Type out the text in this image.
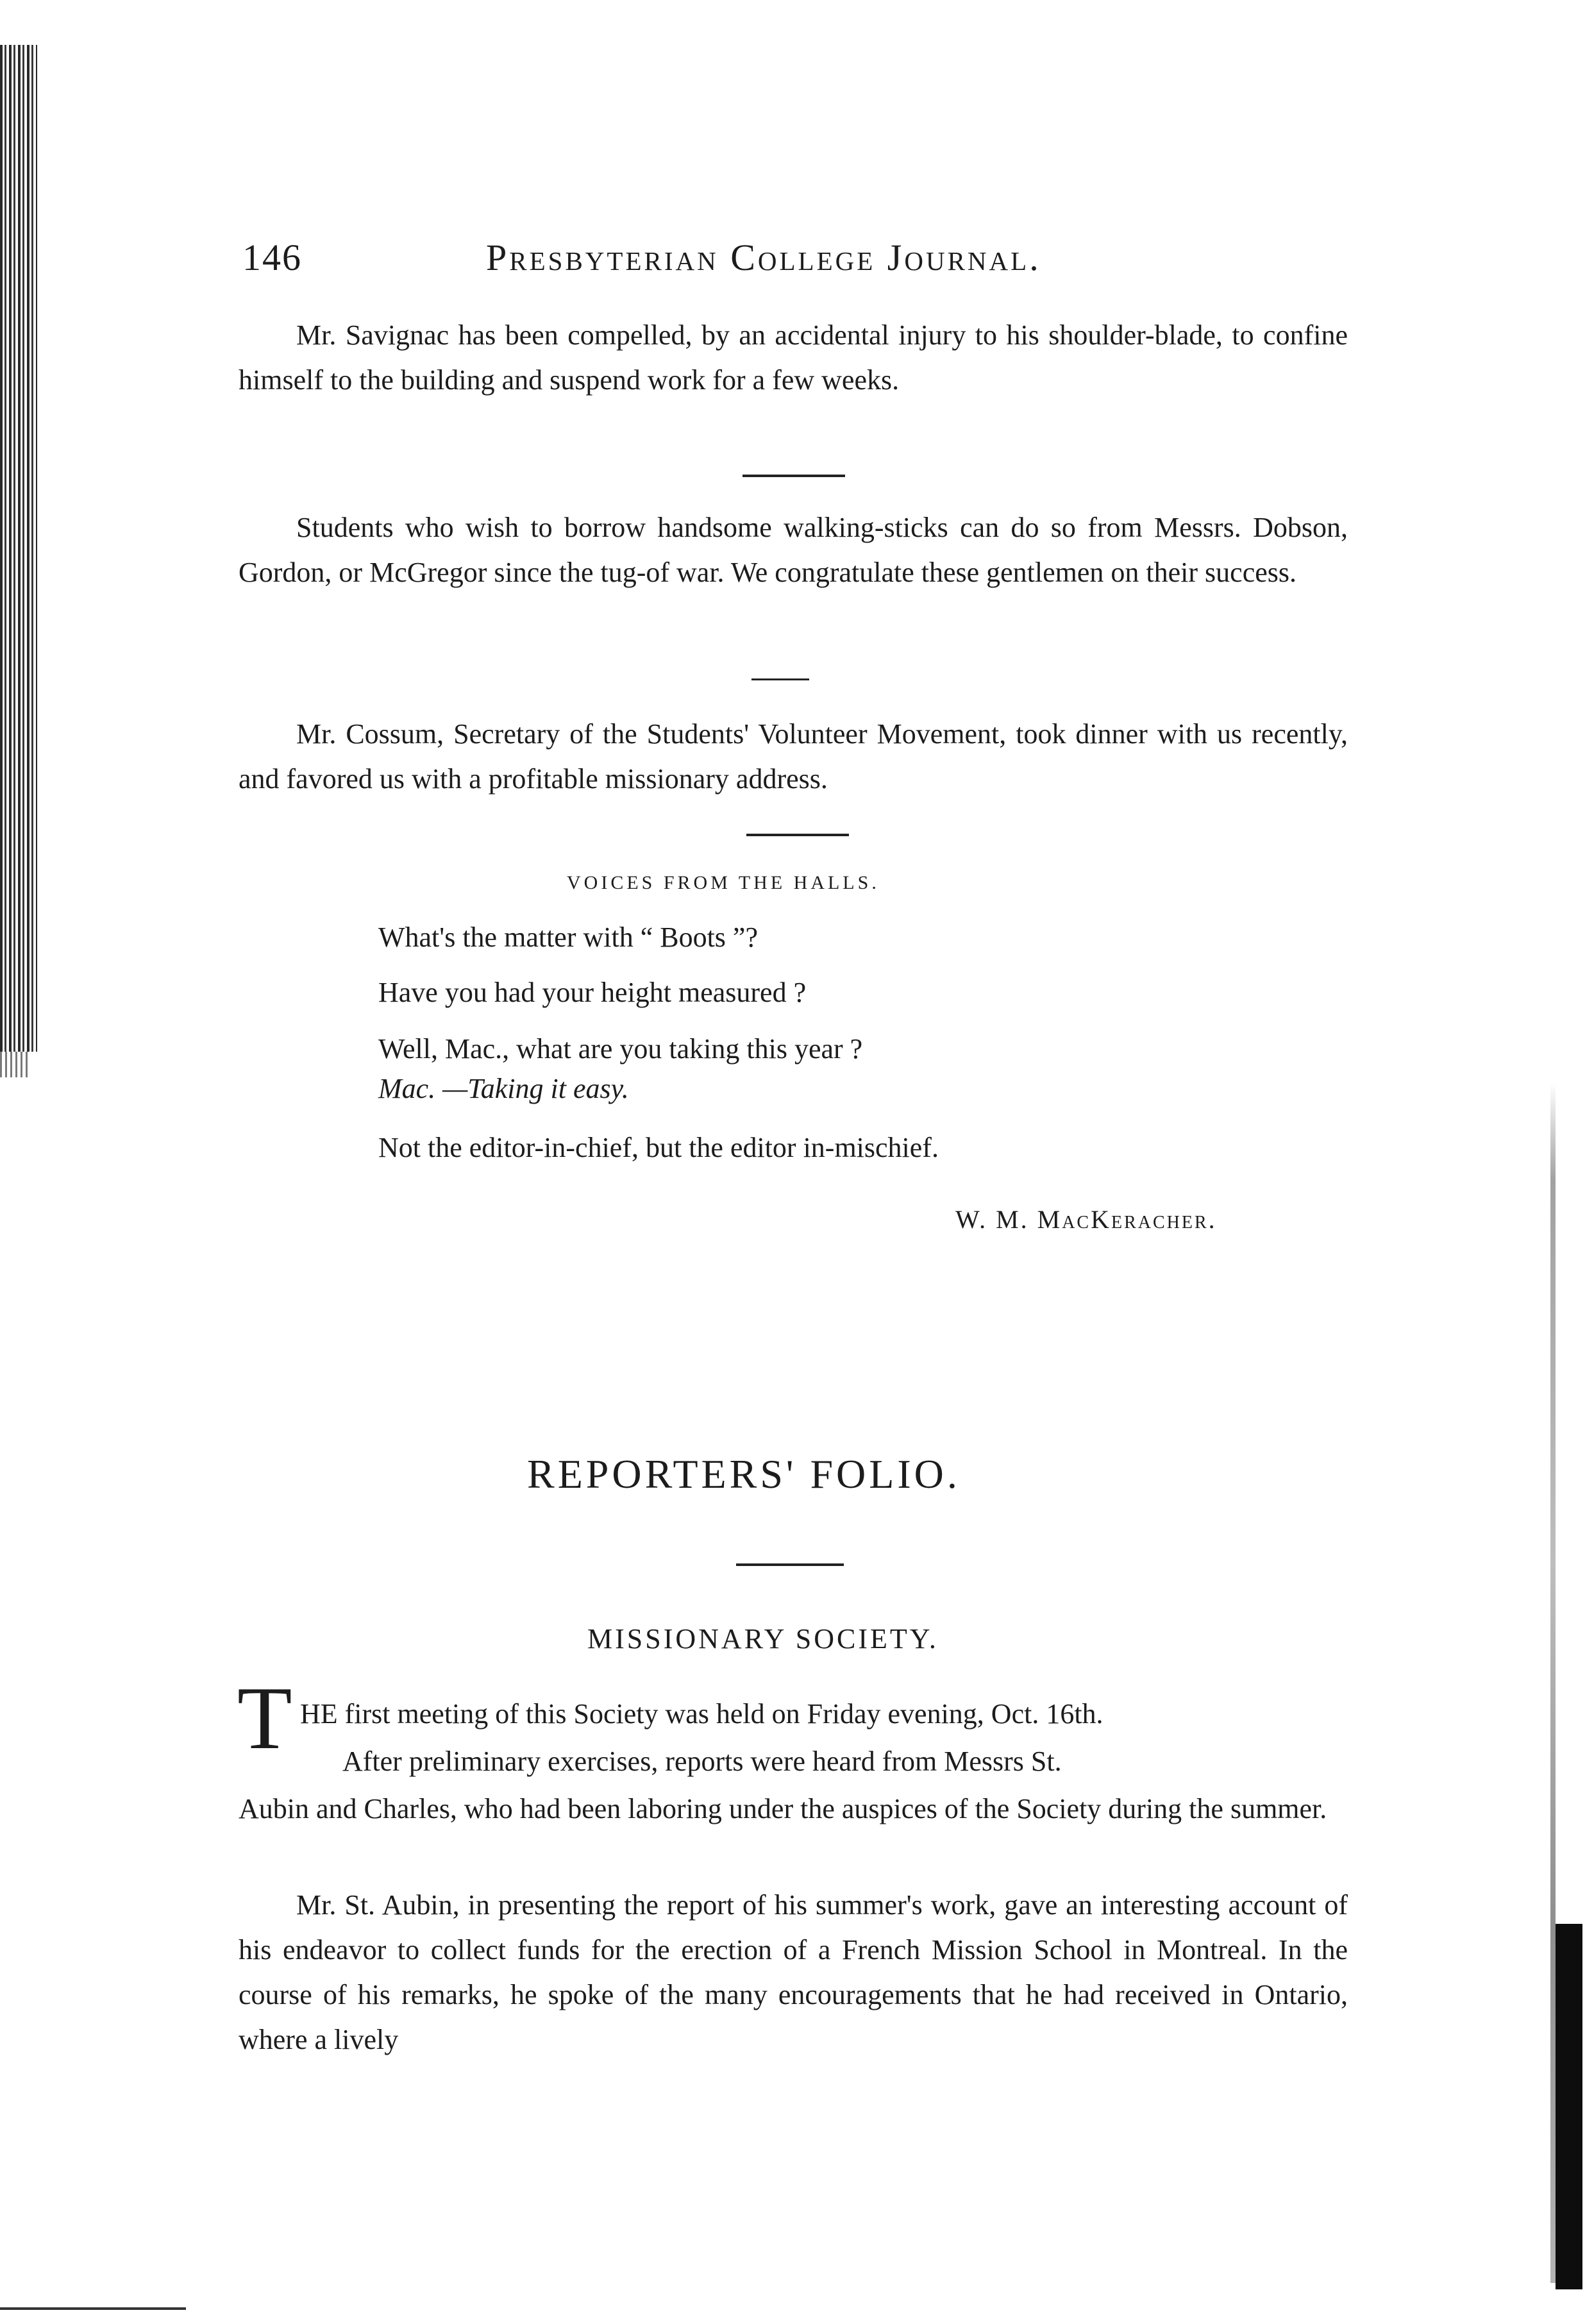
146	Presbyterian College Journal.

Mr. Savignac has been compelled, by an accidental injury to his shoulder-blade, to confine himself to the building and suspend work for a few weeks.

Students who wish to borrow handsome walking-sticks can do so from Messrs. Dobson, Gordon, or McGregor since the tug-of war. We congratulate these gentlemen on their success.

Mr. Cossum, Secretary of the Students' Volunteer Movement, took dinner with us recently, and favored us with a profitable missionary address.

VOICES FROM THE HALLS.
What's the matter with “ Boots ”?
Have you had your height measured ?
Well, Mac., what are you taking this year ?
Mac. —Taking it easy.
Not the editor-in-chief, but the editor in-mischief.
W. M. MacKeracher.
REPORTERS' FOLIO.
MISSIONARY SOCIETY.
T HE first meeting of this Society was held on Friday evening, Oct. 16th.
After preliminary exercises, reports were heard from Messrs St.

Aubin and Charles, who had been laboring under the auspices of the Society during the summer.

Mr. St. Aubin, in presenting the report of his summer's work, gave an interesting account of his endeavor to collect funds for the erection of a French Mission School in Montreal. In the course of his remarks, he spoke of the many encouragements that he had received in Ontario, where a lively
